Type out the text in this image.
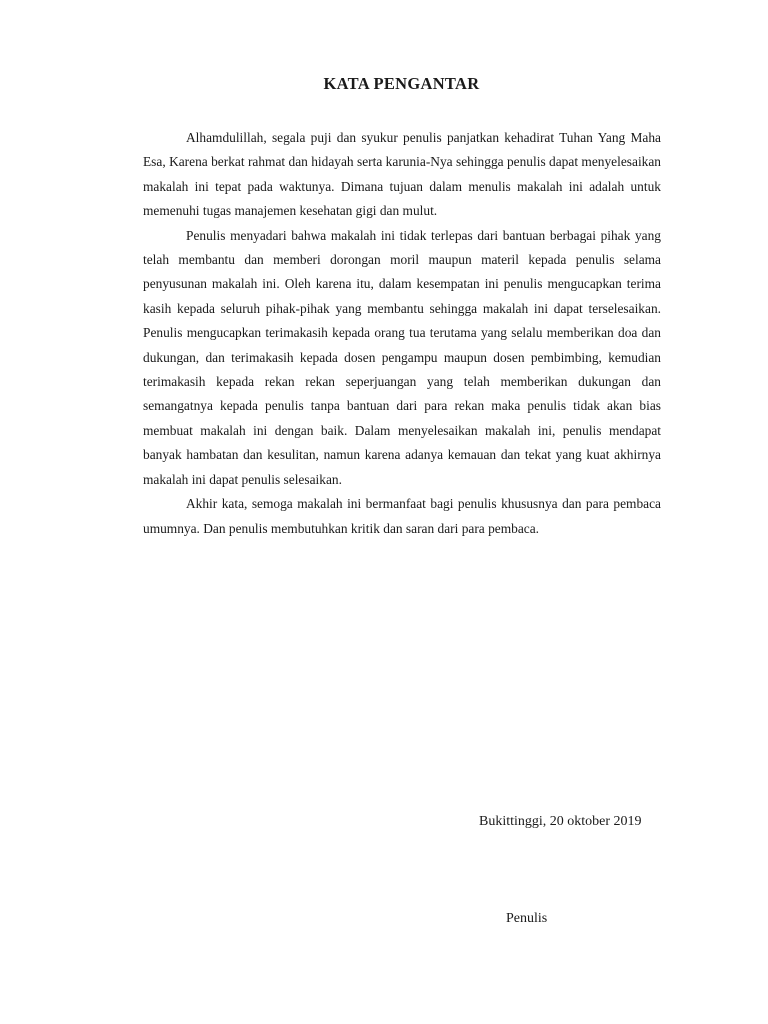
KATA PENGANTAR

Alhamdulillah, segala puji dan syukur penulis panjatkan kehadirat Tuhan Yang Maha Esa, Karena berkat rahmat dan hidayah serta karunia-Nya sehingga penulis dapat menyelesaikan makalah ini tepat pada waktunya. Dimana tujuan dalam menulis makalah ini adalah untuk memenuhi tugas manajemen kesehatan gigi dan mulut.

Penulis menyadari bahwa makalah ini tidak terlepas dari bantuan berbagai pihak yang telah membantu dan memberi dorongan moril maupun materil kepada penulis selama penyusunan makalah ini. Oleh karena itu, dalam kesempatan ini penulis mengucapkan terima kasih kepada seluruh pihak-pihak yang membantu sehingga makalah ini dapat terselesaikan. Penulis mengucapkan terimakasih kepada orang tua terutama yang selalu memberikan doa dan dukungan, dan terimakasih kepada dosen pengampu maupun dosen pembimbing, kemudian terimakasih kepada rekan rekan seperjuangan yang telah memberikan dukungan dan semangatnya kepada penulis tanpa bantuan dari para rekan maka penulis tidak akan bias membuat makalah ini dengan baik. Dalam menyelesaikan makalah ini, penulis mendapat banyak hambatan dan kesulitan, namun karena adanya kemauan dan tekat yang kuat akhirnya makalah ini dapat penulis selesaikan.

Akhir kata, semoga makalah ini bermanfaat bagi penulis khususnya dan para pembaca umumnya. Dan penulis membutuhkan kritik dan saran dari para pembaca.

Bukittinggi, 20 oktober 2019

Penulis
